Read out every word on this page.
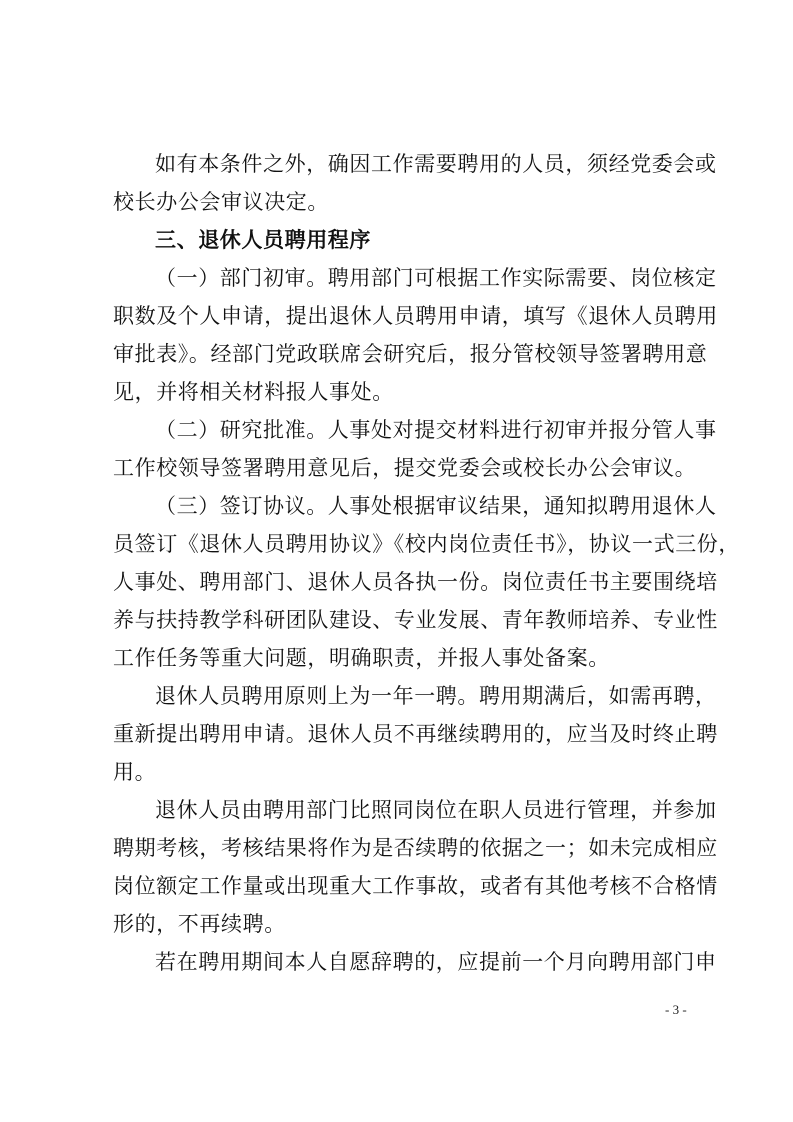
如有本条件之外，确因工作需要聘用的人员，须经党委会或
校长办公会审议决定。
三、退休人员聘用程序
（一）部门初审。聘用部门可根据工作实际需要、岗位核定
职数及个人申请，提出退休人员聘用申请，填写《退休人员聘用
审批表》。经部门党政联席会研究后，报分管校领导签署聘用意
见，并将相关材料报人事处。
（二）研究批准。人事处对提交材料进行初审并报分管人事
工作校领导签署聘用意见后，提交党委会或校长办公会审议。
（三）签订协议。人事处根据审议结果，通知拟聘用退休人
员签订《退休人员聘用协议》《校内岗位责任书》，协议一式三份，
人事处、聘用部门、退休人员各执一份。岗位责任书主要围绕培
养与扶持教学科研团队建设、专业发展、青年教师培养、专业性
工作任务等重大问题，明确职责，并报人事处备案。
退休人员聘用原则上为一年一聘。聘用期满后，如需再聘，
重新提出聘用申请。退休人员不再继续聘用的，应当及时终止聘
用。
退休人员由聘用部门比照同岗位在职人员进行管理，并参加
聘期考核，考核结果将作为是否续聘的依据之一；如未完成相应
岗位额定工作量或出现重大工作事故，或者有其他考核不合格情
形的，不再续聘。
若在聘用期间本人自愿辞聘的，应提前一个月向聘用部门申
- 3 -
